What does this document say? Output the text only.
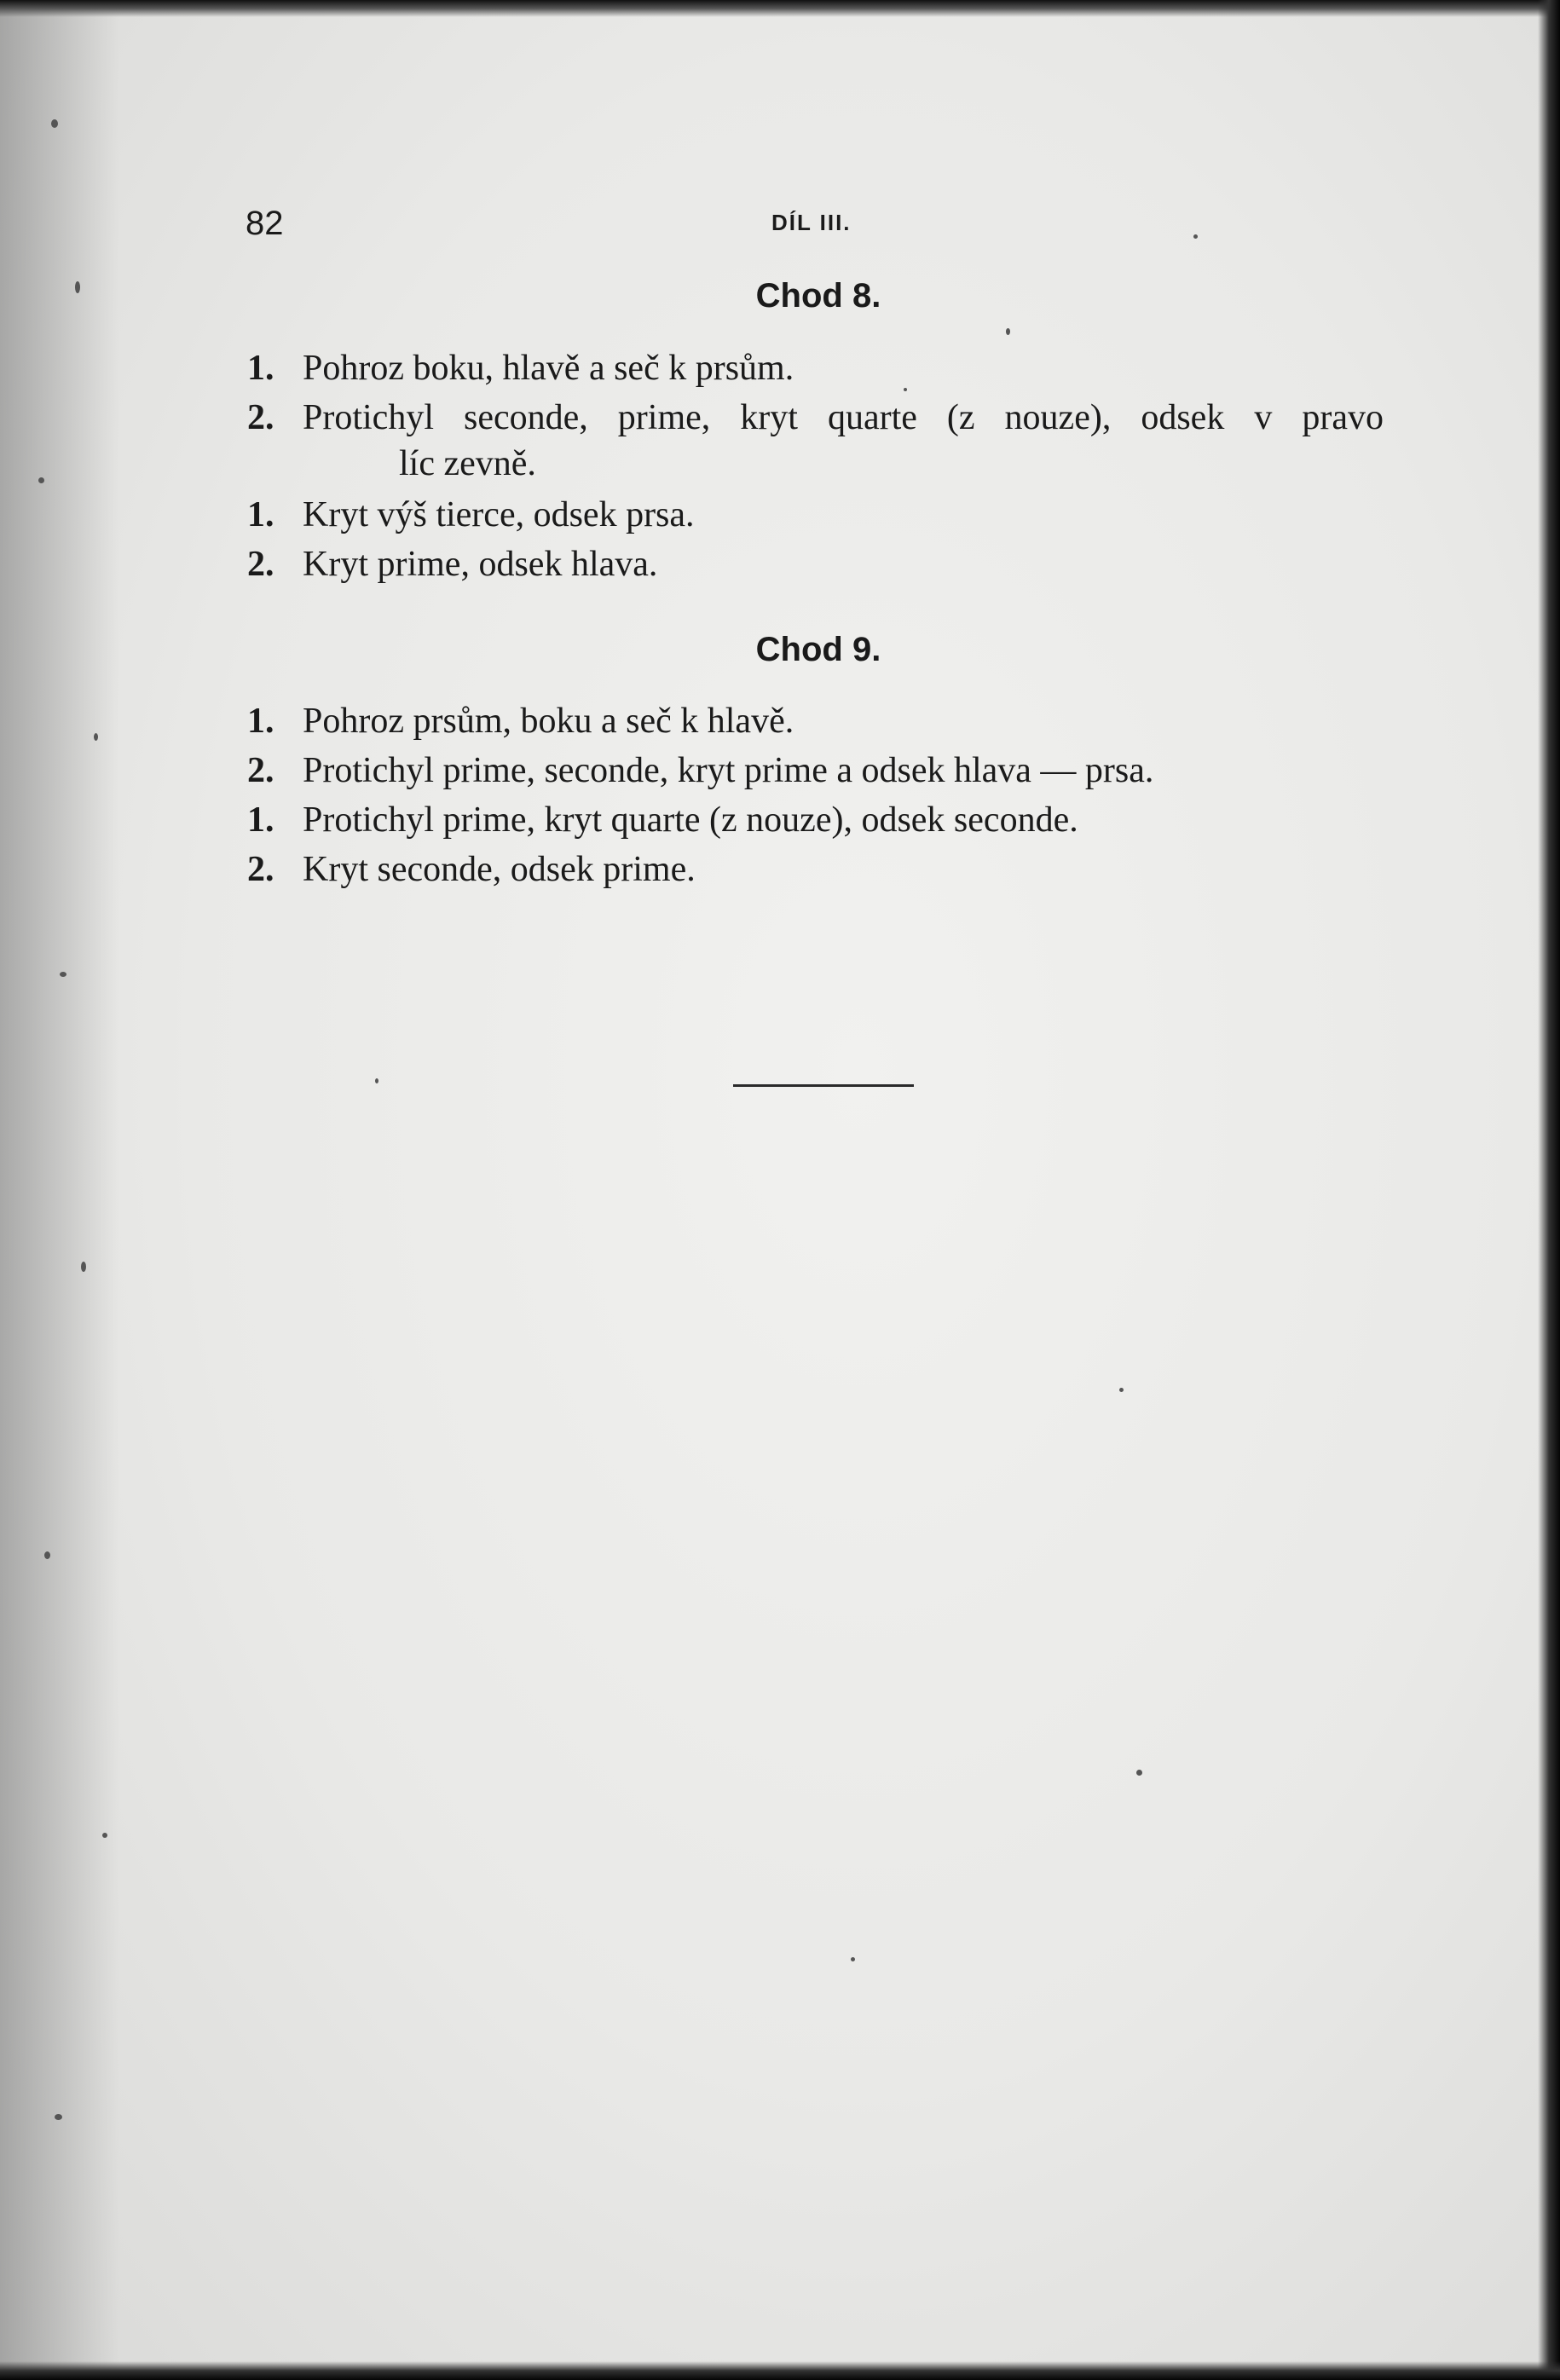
82	DÍL III.
Chod 8.
1. Pohroz boku, hlavě a seč k prsům.
2. Protichyl seconde, prime, kryt quarte (z nouze), odsek v pravo
líc zevně.
1. Kryt výš tierce, odsek prsa.
2. Kryt prime, odsek hlava.
Chod 9.
1. Pohroz prsům, boku a seč k hlavě.
2. Protichyl prime, seconde, kryt prime a odsek hlava — prsa.
1. Protichyl prime, kryt quarte (z nouze), odsek seconde.
2. Kryt seconde, odsek prime.
